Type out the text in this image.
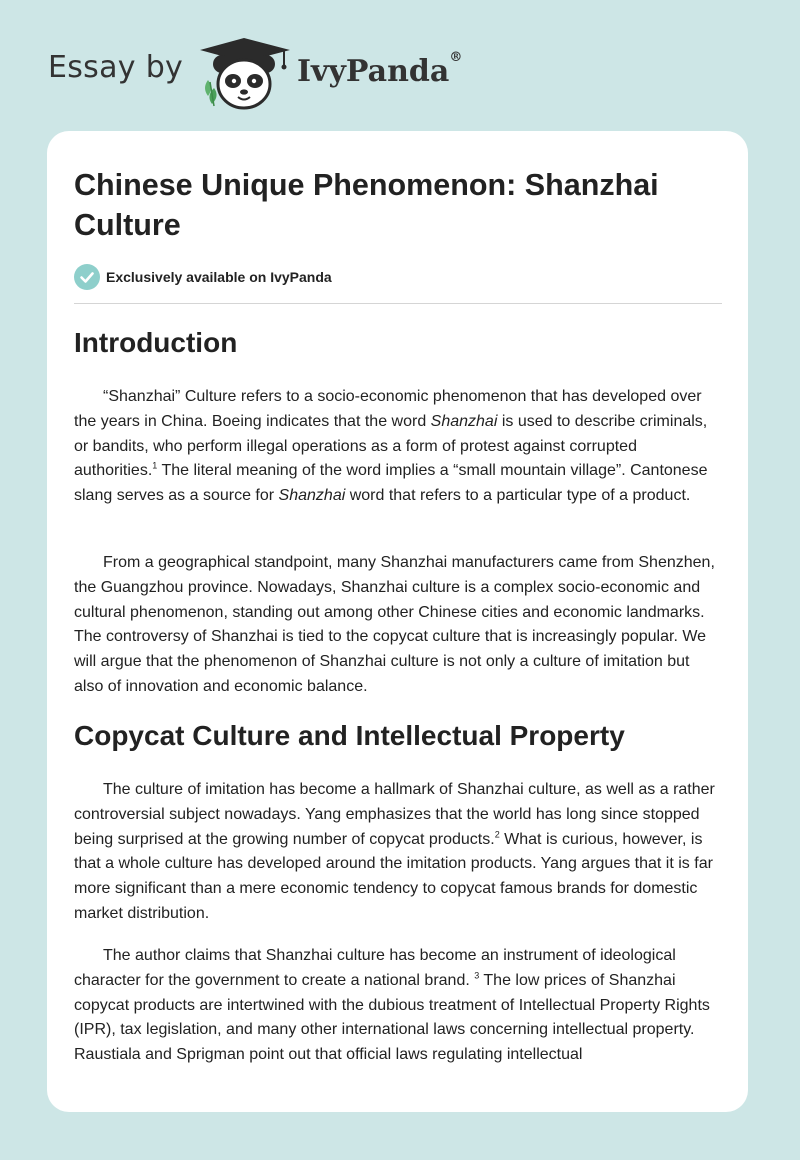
Essay by	IvyPanda®
Chinese Unique Phenomenon: Shanzhai Culture
Exclusively available on IvyPanda
Introduction

“Shanzhai” Culture refers to a socio-economic phenomenon that has developed over the years in China. Boeing indicates that the word Shanzhai is used to describe criminals, or bandits, who perform illegal operations as a form of protest against corrupted authorities.$^1$ The literal meaning of the word implies a “small mountain village”. Cantonese slang serves as a source for Shanzhai word that refers to a particular type of a product.

From a geographical standpoint, many Shanzhai manufacturers came from Shenzhen, the Guangzhou province. Nowadays, Shanzhai culture is a complex socio-economic and cultural phenomenon, standing out among other Chinese cities and economic landmarks. The controversy of Shanzhai is tied to the copycat culture that is increasingly popular. We will argue that the phenomenon of Shanzhai culture is not only a culture of imitation but also of innovation and economic balance.

Copycat Culture and Intellectual Property

The culture of imitation has become a hallmark of Shanzhai culture, as well as a rather controversial subject nowadays. Yang emphasizes that the world has long since stopped being surprised at the growing number of copycat products.$^2$ What is curious, however, is that a whole culture has developed around the imitation products. Yang argues that it is far more significant than a mere economic tendency to copycat famous brands for domestic market distribution.

The author claims that Shanzhai culture has become an instrument of ideological character for the government to create a national brand. $^3$ The low prices of Shanzhai copycat products are intertwined with the dubious treatment of Intellectual Property Rights (IPR), tax legislation, and many other international laws concerning intellectual property. Raustiala and Sprigman point out that official laws regulating intellectual
